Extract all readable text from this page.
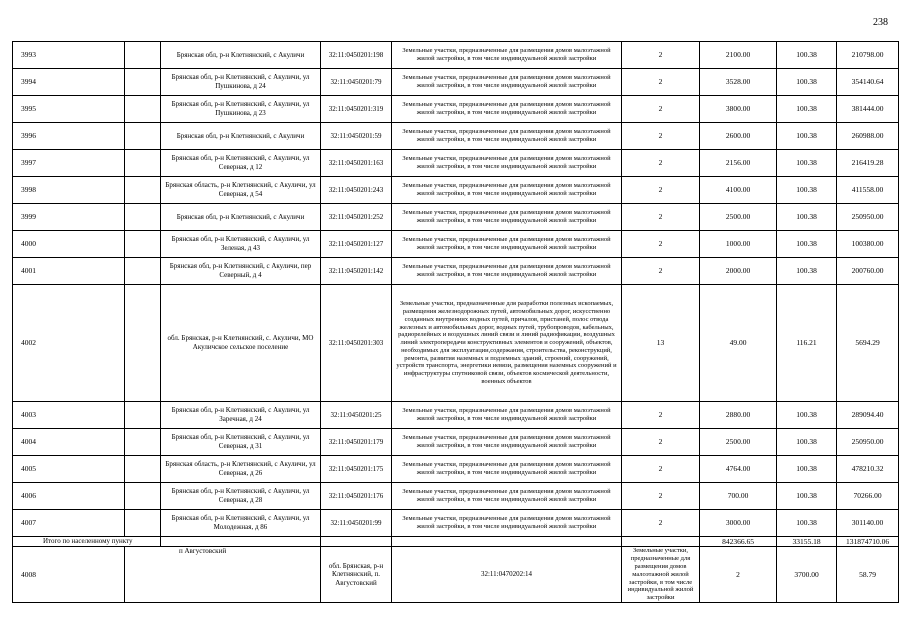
238
3993		Брянская обл, р-н Клетнянский, с Акуличи	32:11:0450201:198	Земельные участки, предназначенные для размещения домов малоэтажной жилой застройки, в том числе индивидуальной жилой застройки	2	2100.00	100.38	210798.00	
3994		Брянская обл, р-н Клетнянский, с Акуличи, ул Пушкинова, д 24	32:11:0450201:79	Земельные участки, предназначенные для размещения домов малоэтажной жилой застройки, в том числе индивидуальной жилой застройки	2	3528.00	100.38	354140.64	
3995		Брянская обл, р-н Клетнянский, с Акуличи, ул Пушкинова, д 23	32:11:0450201:319	Земельные участки, предназначенные для размещения домов малоэтажной жилой застройки, в том числе индивидуальной жилой застройки	2	3800.00	100.38	381444.00	
3996		Брянская обл, р-н Клетнянский, с Акуличи	32:11:0450201:59	Земельные участки, предназначенные для размещения домов малоэтажной жилой застройки, в том числе индивидуальной жилой застройки	2	2600.00	100.38	260988.00	
3997		Брянская обл, р-н Клетнянский, с Акуличи, ул Северная, д 12	32:11:0450201:163	Земельные участки, предназначенные для размещения домов малоэтажной жилой застройки, в том числе индивидуальной жилой застройки	2	2156.00	100.38	216419.28	
3998		Брянская область, р-н Клетнянский, с Акуличи, ул Северная, д 54	32:11:0450201:243	Земельные участки, предназначенные для размещения домов малоэтажной жилой застройки, в том числе индивидуальной жилой застройки	2	4100.00	100.38	411558.00	
3999		Брянская обл, р-н Клетнянский, с Акуличи	32:11:0450201:252	Земельные участки, предназначенные для размещения домов малоэтажной жилой застройки, в том числе индивидуальной жилой застройки	2	2500.00	100.38	250950.00	
4000		Брянская обл, р-н Клетнянский, с Акуличи, ул Зеленая, д 43	32:11:0450201:127	Земельные участки, предназначенные для размещения домов малоэтажной жилой застройки, в том числе индивидуальной жилой застройки	2	1000.00	100.38	100380.00	
4001		Брянская обл, р-н Клетнянский, с Акуличи, пер Северный, д 4	32:11:0450201:142	Земельные участки, предназначенные для размещения домов малоэтажной жилой застройки, в том числе индивидуальной жилой застройки	2	2000.00	100.38	200760.00	
4002		обл. Брянская, р-н Клетнянский, с. Акуличи, МО Акуличское сельское поселение	32:11:0450201:303	Земельные участки, предназначенные для разработки полезных ископаемых, размещения железнодорожных путей, автомобильных дорог, искусственно созданных внутренних водных путей, причалов, пристаней, полос отвода железных и автомобильных дорог, водных путей, трубопроводов, кабельных, радиорелейных и воздушных линий связи и линий радиофикации, воздушных линий электропередачи конструктивных элементов и сооружений, объектов, необходимых для эксплуатации,содержания, строительства, реконструкций, ремонта, развития наземных и подземных зданий, строений, сооружений, устройств транспорта, энергетики иевязи, размещения наземных сооружений и инфраструктуры спутниковой связи, объектов космической деятельности, военных объектов	13	49.00	116.21	5694.29	
4003		Брянская обл, р-н Клетнянский, с Акуличи, ул Заречная, д 24	32:11:0450201:25	Земельные участки, предназначенные для размещения домов малоэтажной жилой застройки, в том числе индивидуальной жилой застройки	2	2880.00	100.38	289094.40	
4004		Брянская обл, р-н Клетнянский, с Акуличи, ул Северная, д 31	32:11:0450201:179	Земельные участки, предназначенные для размещения домов малоэтажной жилой застройки, в том числе индивидуальной жилой застройки	2	2500.00	100.38	250950.00	
4005		Брянская область, р-н Клетнянский, с Акуличи, ул Северная, д 26	32:11:0450201:175	Земельные участки, предназначенные для размещения домов малоэтажной жилой застройки, в том числе индивидуальной жилой застройки	2	4764.00	100.38	478210.32	
4006		Брянская обл, р-н Клетнянский, с Акуличи, ул Северная, д 28	32:11:0450201:176	Земельные участки, предназначенные для размещения домов малоэтажной жилой застройки, в том числе индивидуальной жилой застройки	2	700.00	100.38	70266.00	
4007		Брянская обл, р-н Клетнянский, с Акуличи, ул Молодежная, д 86	32:11:0450201:99	Земельные участки, предназначенные для размещения домов малоэтажной жилой застройки, в том числе индивидуальной жилой застройки	2	3000.00	100.38	301140.00	
Итого по населенному пункту						842366.65	33155.18	131874710.06	
4008	п Августовский		обл. Брянская, р-н Клетнянский, п. Августовский	32:11:0470202:14	Земельные участки, предназначенные для размещения домов малоэтажной жилой застройки, в том числе индивидуальной жилой застройки	2	3700.00	58.79	
